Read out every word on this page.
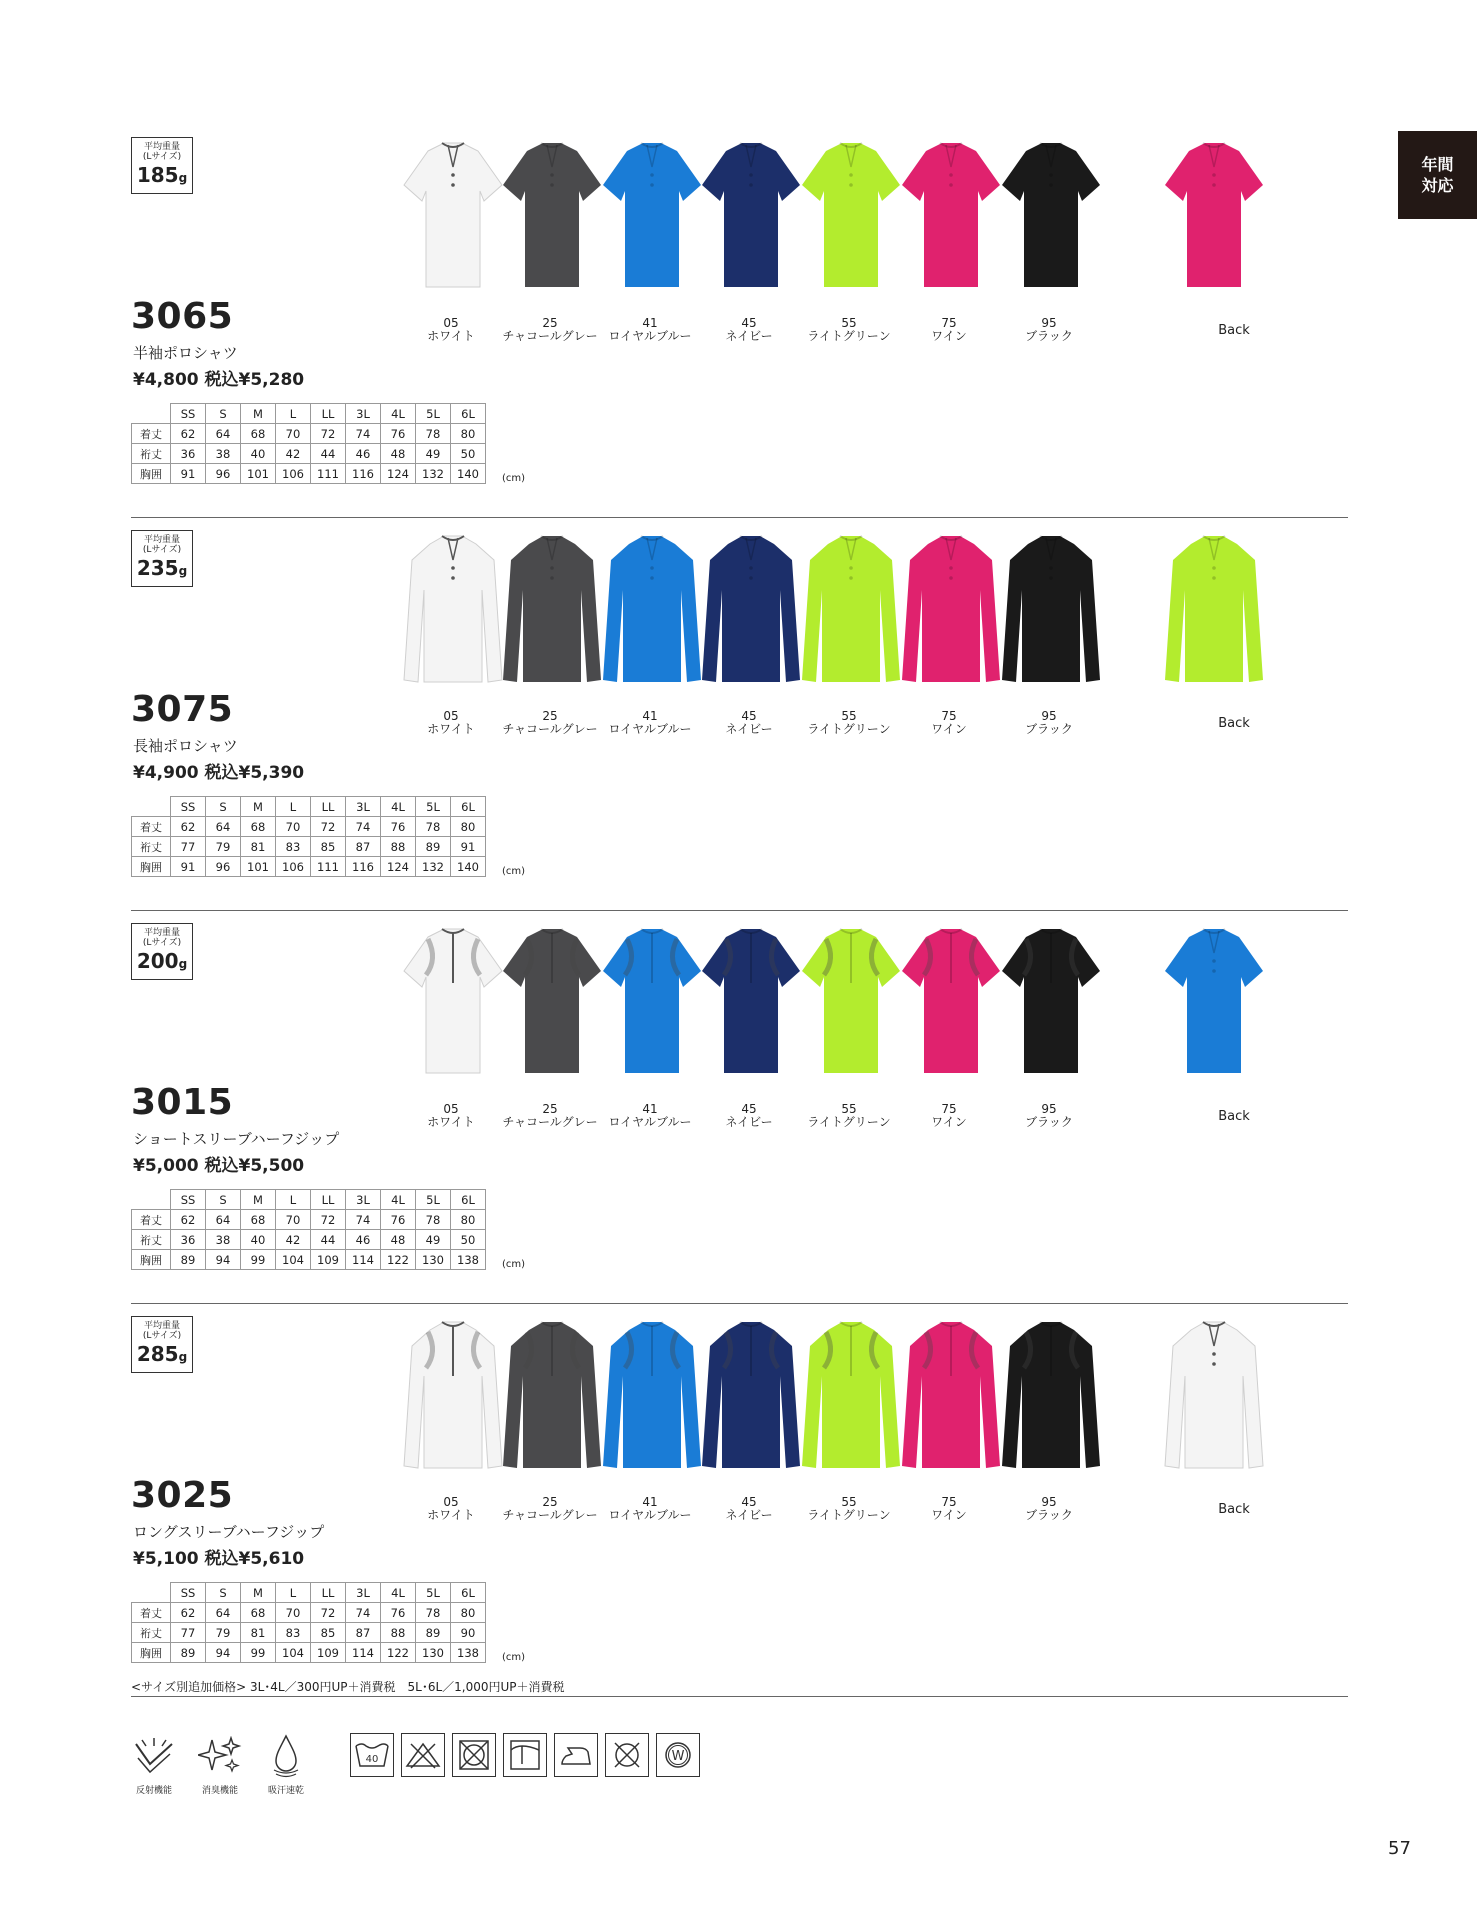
年間
対応
平均重量
(Lサイズ)
185g
05
ホワイト
25
チャコールグレー
41
ロイヤルブルー
45
ネイビー
55
ライトグリーン
75
ワイン
95
ブラック	Back
3065
半袖ポロシャツ
¥4,800 税込¥5,280
	SS	S	M	L	LL	3L	4L	5L	6L
着丈	62	64	68	70	72	74	76	78	80
裄丈	36	38	40	42	44	46	48	49	50
胸囲	91	96	101	106	111	116	124	132	140 (cm)
平均重量
(Lサイズ)
235g
05
ホワイト
25
チャコールグレー
41
ロイヤルブルー
45
ネイビー
55
ライトグリーン
75
ワイン
95
ブラック	Back
3075
長袖ポロシャツ
¥4,900 税込¥5,390
	SS	S	M	L	LL	3L	4L	5L	6L
着丈	62	64	68	70	72	74	76	78	80
裄丈	77	79	81	83	85	87	88	89	91
胸囲	91	96	101	106	111	116	124	132	140 (cm)
平均重量
(Lサイズ)
200g
05
ホワイト
25
チャコールグレー
41
ロイヤルブルー
45
ネイビー
55
ライトグリーン
75
ワイン
95
ブラック	Back
3015
ショートスリーブハーフジップ
¥5,000 税込¥5,500
	SS	S	M	L	LL	3L	4L	5L	6L
着丈	62	64	68	70	72	74	76	78	80
裄丈	36	38	40	42	44	46	48	49	50
胸囲	89	94	99	104	109	114	122	130	138 (cm)
平均重量
(Lサイズ)
285g
05
ホワイト
25
チャコールグレー
41
ロイヤルブルー
45
ネイビー
55
ライトグリーン
75
ワイン
95
ブラック	Back
3025
ロングスリーブハーフジップ
¥5,100 税込¥5,610
	SS	S	M	L	LL	3L	4L	5L	6L
着丈	62	64	68	70	72	74	76	78	80
裄丈	77	79	81	83	85	87	88	89	90
胸囲	89	94	99	104	109	114	122	130	138 (cm)
<サイズ別追加価格> 3L･4L／300円UP＋消費税　5L･6L／1,000円UP＋消費税
反射機能	消臭機能	吸汗速乾
40	W
57
